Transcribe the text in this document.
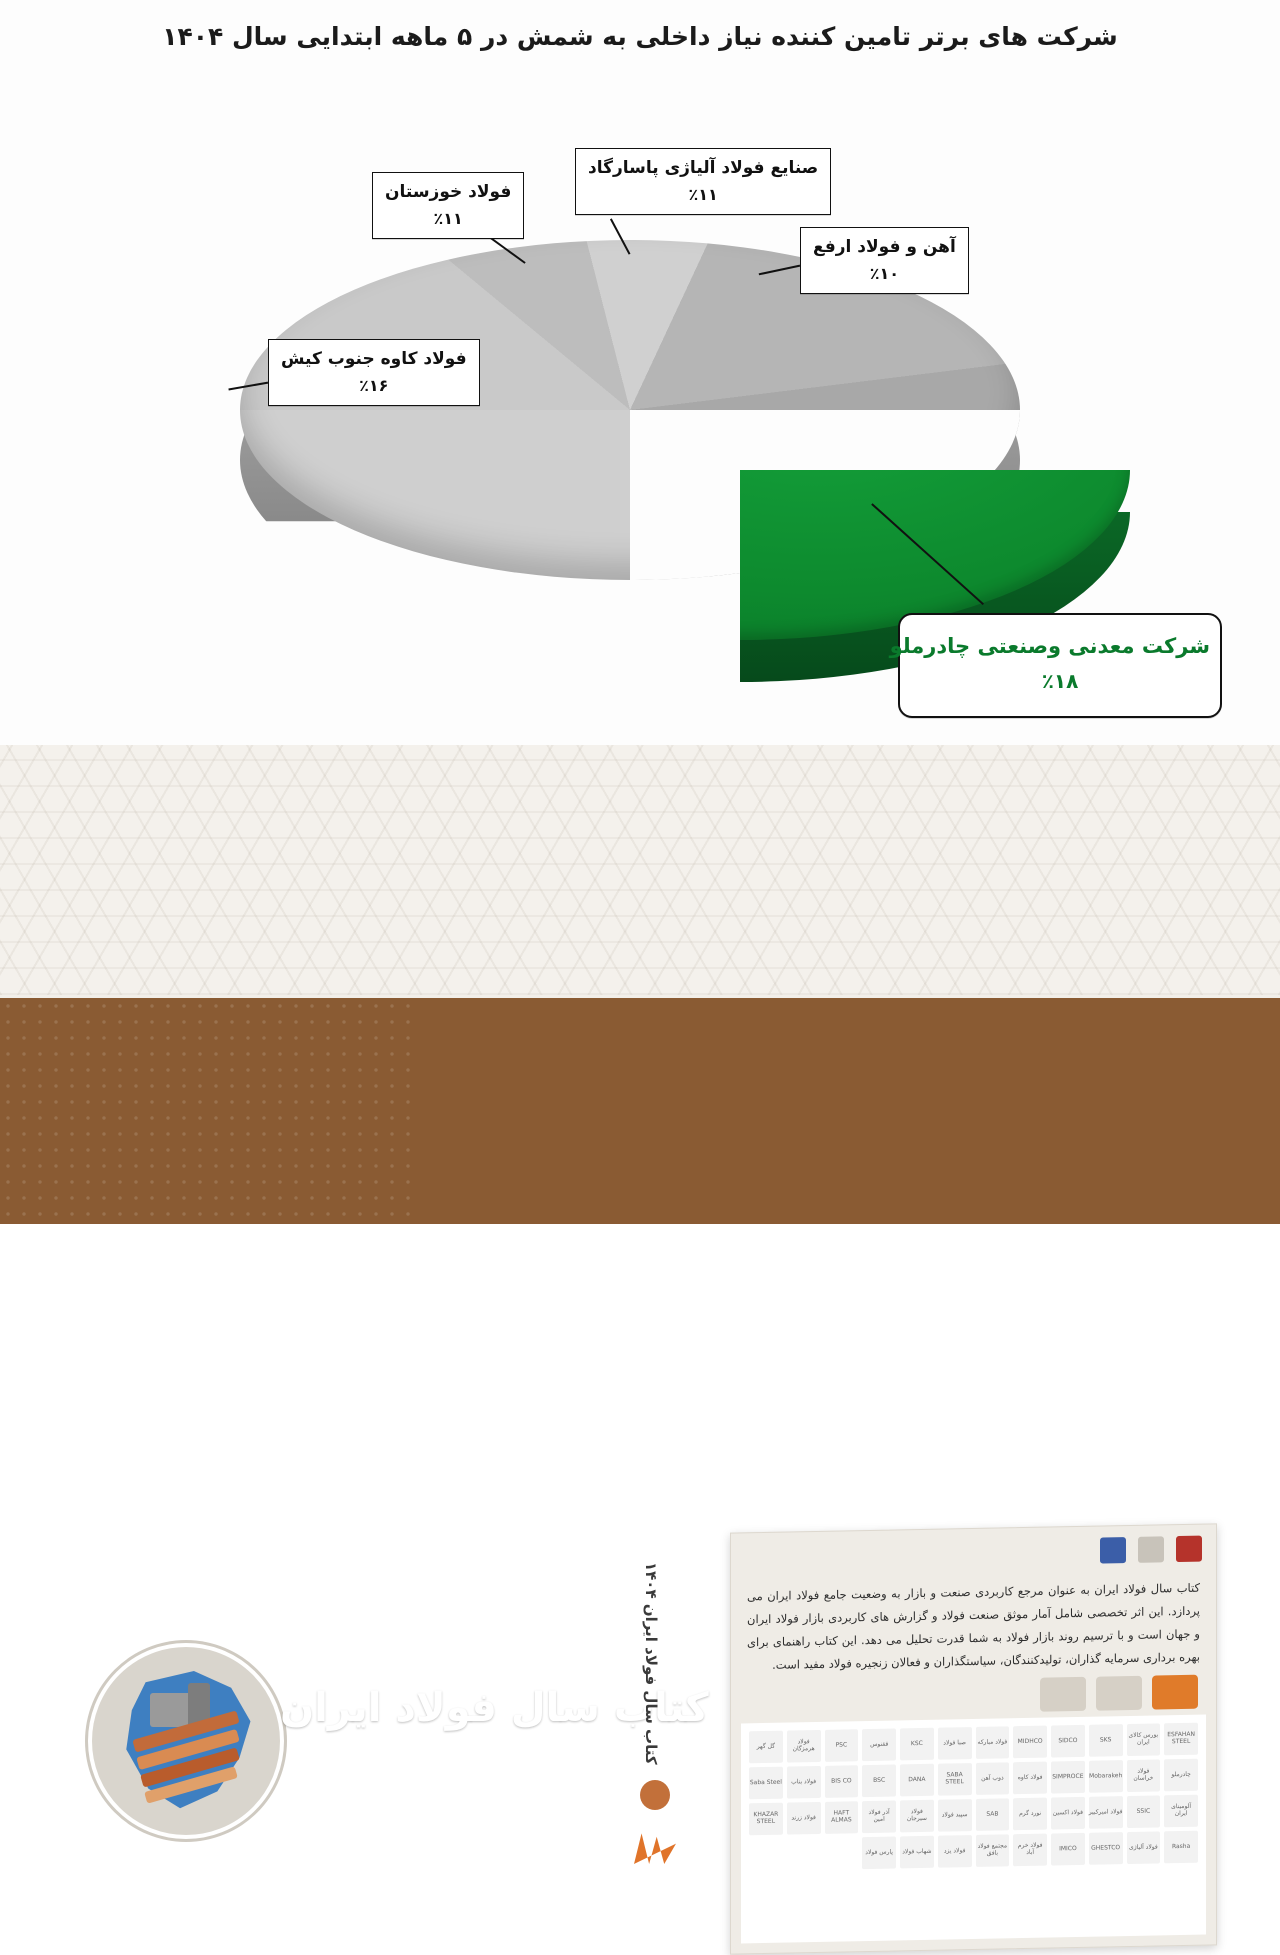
شرکت های برتر تامین کننده نیاز داخلی به شمش در ۵ ماهه ابتدایی سال ۱۴۰۴
صنایع فولاد آلیاژی پاسارگاد
٪۱۱
فولاد خوزستان
٪۱۱
آهن و فولاد ارفع
٪۱۰
فولاد کاوه جنوب کیش
٪۱۶
شرکت معدنی وصنعتی چادرملو
٪۱۸
کتاب سال فولاد ایران
۱۴۰۴
کتاب سال فولاد ایران ۱۴۰۴
کتاب سال فولاد ایران به عنوان مرجع کاربردی صنعت و بازار به وضعیت جامع فولاد ایران می پردازد. این اثر تخصصی شامل آمار موثق صنعت فولاد و گزارش های کاربردی بازار فولاد ایران و جهان است و با ترسیم روند بازار فولاد به شما قدرت تحلیل می دهد. این کتاب راهنمای برای بهره برداری سرمایه گذاران، تولیدکنندگان، سیاستگذاران و فعالان زنجیره فولاد مفید است.
ESFAHAN STEEL
بورس کالای ایران
SKS
SIDCO
MIDHCO
فولاد مبارکه
صبا فولاد
KSC
ققنوس
PSC
فولاد هرمزگان
گل گهر
چادرملو
فولاد خراسان
Mobarakeh
SIMPROCE
فولاد کاوه
ذوب آهن
SABA STEEL
DANA
BSC
BIS CO
فولاد بناب
Saba Steel
آلومینای ایران
SSIC
فولاد امیرکبیر
فولاد اکسین
نورد گرم
SAB
سپید فولاد
فولاد سیرجان
آذر فولاد امین
HAFT ALMAS
فولاد زرند
KHAZAR STEEL
Rasha
فولاد آلیاژی
GHESTCO
IMICO
فولاد خرم آباد
مجتمع فولاد بافق
فولاد یزد
شهاب فولاد
پارس فولاد
